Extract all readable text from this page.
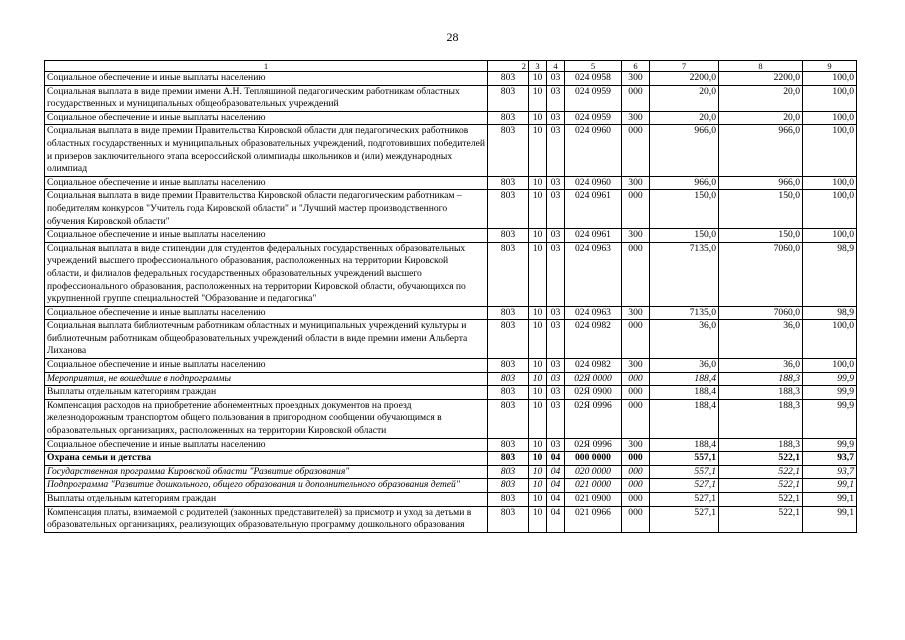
28
1	2	3	4	5	6	7	8	9
Социальное обеспечение и иные выплаты населению	803	10	03	024 0958	300	2200,0	2200,0	100,0
Социальная выплата в виде премии имени А.Н. Тепляшиной педагогическим работникам областных государственных и муниципальных общеобразовательных учреждений	803	10	03	024 0959	000	20,0	20,0	100,0
Социальное обеспечение и иные выплаты населению	803	10	03	024 0959	300	20,0	20,0	100,0
Социальная выплата в виде премии Правительства Кировской области для педагогических работников областных государственных и муниципальных образовательных учреждений, подготовивших победителей и призеров заключительного этапа всероссийской олимпиады школьников и (или) международных олимпиад	803	10	03	024 0960	000	966,0	966,0	100,0
Социальное обеспечение и иные выплаты населению	803	10	03	024 0960	300	966,0	966,0	100,0
Социальная выплата в виде премии Правительства Кировской области педагогическим работникам – победителям конкурсов "Учитель года Кировской области" и "Лучший мастер производственного обучения Кировской области"	803	10	03	024 0961	000	150,0	150,0	100,0
Социальное обеспечение и иные выплаты населению	803	10	03	024 0961	300	150,0	150,0	100,0
Социальная выплата в виде стипендии для студентов федеральных государственных образовательных учреждений высшего профессионального образования, расположенных на территории Кировской области, и филиалов федеральных государственных образовательных учреждений высшего профессионального образования, расположенных на территории Кировской области, обучающихся по укрупненной группе специальностей "Образование и педагогика"	803	10	03	024 0963	000	7135,0	7060,0	98,9
Социальное обеспечение и иные выплаты населению	803	10	03	024 0963	300	7135,0	7060,0	98,9
Социальная выплата библиотечным работникам областных и муниципальных учреждений культуры и библиотечным работникам общеобразовательных учреждений области в виде премии имени Альберта Лиханова	803	10	03	024 0982	000	36,0	36,0	100,0
Социальное обеспечение и иные выплаты населению	803	10	03	024 0982	300	36,0	36,0	100,0
Мероприятия, не вошедшие в подпрограммы	803	10	03	02Я 0000	000	188,4	188,3	99,9
Выплаты отдельным категориям граждан	803	10	03	02Я 0900	000	188,4	188,3	99,9
Компенсация расходов на приобретение абонементных проездных документов на проезд железнодорожным транспортом общего пользования в пригородном сообщении обучающимся в образовательных организациях, расположенных на территории Кировской области	803	10	03	02Я 0996	000	188,4	188,3	99,9
Социальное обеспечение и иные выплаты населению	803	10	03	02Я 0996	300	188,4	188,3	99,9
Охрана семьи и детства	803	10	04	000 0000	000	557,1	522,1	93,7
Государственная программа Кировской области "Развитие образования"	803	10	04	020 0000	000	557,1	522,1	93,7
Подпрограмма "Развитие дошкольного, общего образования и дополнительного образования детей"	803	10	04	021 0000	000	527,1	522,1	99,1
Выплаты отдельным категориям граждан	803	10	04	021 0900	000	527,1	522,1	99,1
Компенсация платы, взимаемой с родителей (законных представителей) за присмотр и уход за детьми в образовательных организациях, реализующих образовательную программу дошкольного образования	803	10	04	021 0966	000	527,1	522,1	99,1
